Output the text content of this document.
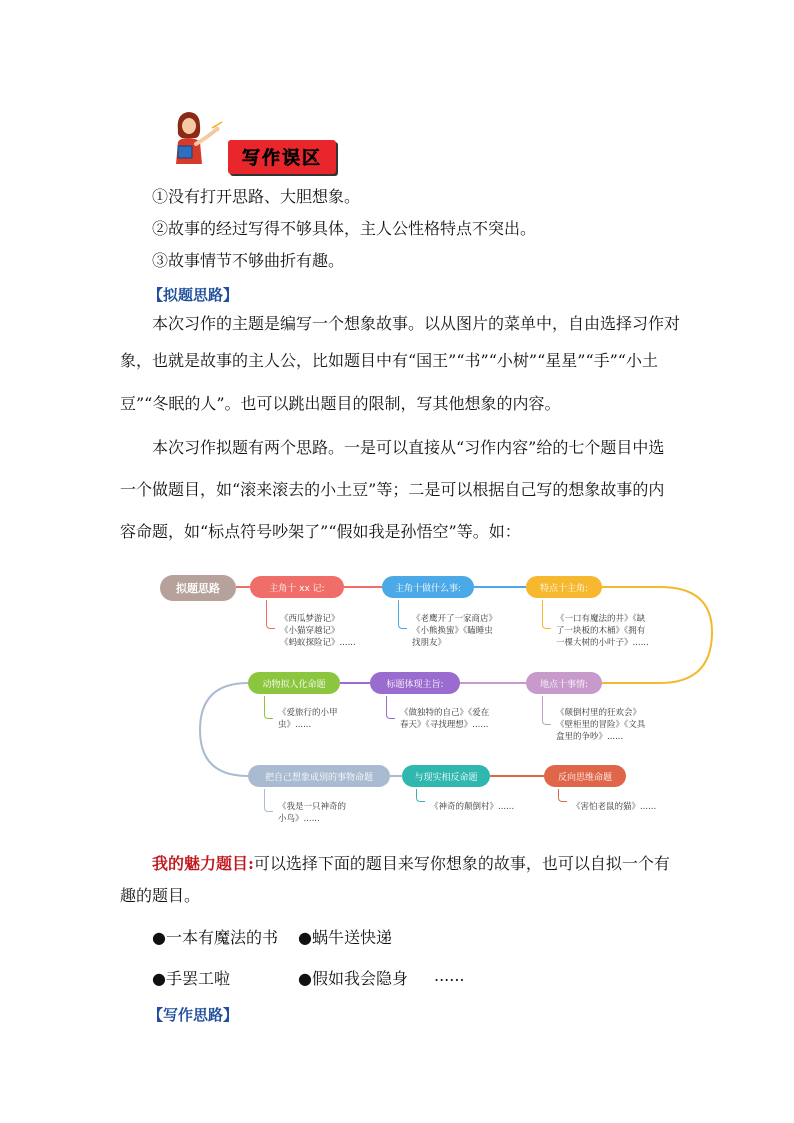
写作误区
①没有打开思路、大胆想象。
②故事的经过写得不够具体，主人公性格特点不突出。
③故事情节不够曲折有趣。
【拟题思路】
本次习作的主题是编写一个想象故事。以从图片的菜单中，自由选择习作对
象，也就是故事的主人公，比如题目中有“国王”“书”“小树”“星星”“手”“小土
豆”“冬眠的人”。也可以跳出题目的限制，写其他想象的内容。
本次习作拟题有两个思路。一是可以直接从“习作内容”给的七个题目中选
一个做题目，如“滚来滚去的小土豆”等；二是可以根据自己写的想象故事的内
容命题，如“标点符号吵架了”“假如我是孙悟空”等。如：
拟题思路	主角十 xx 记:	主角十做什么事:	特点十主角:
动物拟人化命题	标题体现主旨:	地点十事情:
把自己想象成别的事物命题	与现实相反命题	反向思维命题
《西瓜梦游记》
《小猫穿越记》
《蚂蚁探险记》......
《老鹰开了一家商店》
《小熊换蜜》《瞌睡虫
找朋友》
《一口有魔法的井》《缺
了一块板的木桶》《拥有
一棵大树的小叶子》......
《爱旅行的小甲
虫》......
《做独特的自己》《爱在
春天》《寻找理想》......
《颠倒村里的狂欢会》
《壁柜里的冒险》《文具
盒里的争吵》......
《我是一只神奇的
小鸟》......
《神奇的颠倒村》......	《害怕老鼠的猫》......
我的魅力题目:可以选择下面的题目来写你想象的故事，也可以自拟一个有
趣的题目。
●一本有魔法的书 ●蜗牛送快递
●手罢工啦	●假如我会隐身 ......
【写作思路】
